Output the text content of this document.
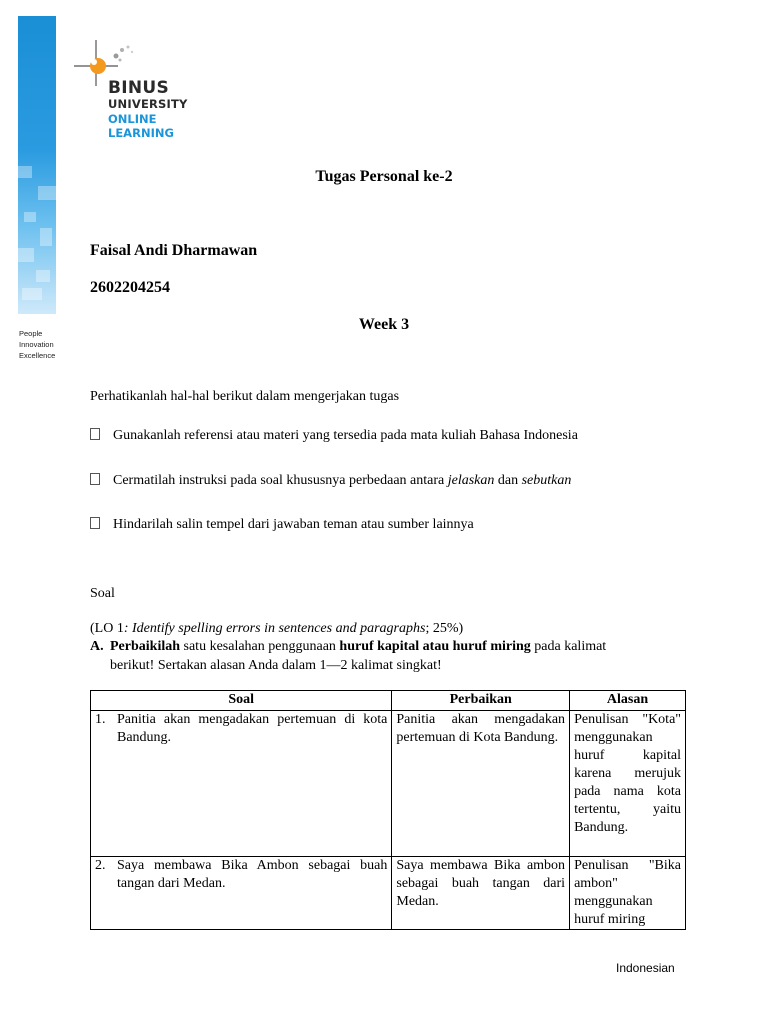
People
Innovation
Excellence
BINUS
UNIVERSITY
ONLINE
LEARNING
Tugas Personal ke-2
Faisal Andi Dharmawan
2602204254
Week 3
Perhatikanlah hal-hal berikut dalam mengerjakan tugas
Gunakanlah referensi atau materi yang tersedia pada mata kuliah Bahasa Indonesia
Cermatilah instruksi pada soal khususnya perbedaan antara jelaskan dan sebutkan
Hindarilah salin tempel dari jawaban teman atau sumber lainnya
Soal
(LO 1: Identify spelling errors in sentences and paragraphs; 25%)
A. Perbaikilah satu kesalahan penggunaan huruf kapital atau huruf miring pada kalimat
berikut! Sertakan alasan Anda dalam 1—2 kalimat singkat!
Soal	Perbaikan	Alasan

1. Panitia akan mengadakan pertemuan di kota Bandung.	Panitia akan mengadakan pertemuan di Kota Bandung.	Penulisan "Kota" menggunakan huruf kapital karena merujuk pada nama kota tertentu, yaitu Bandung.

2. Saya membawa Bika Ambon sebagai buah tangan dari Medan.	Saya membawa Bika ambon sebagai buah tangan dari Medan.	Penulisan "Bika ambon" menggunakan huruf miring
Indonesian
